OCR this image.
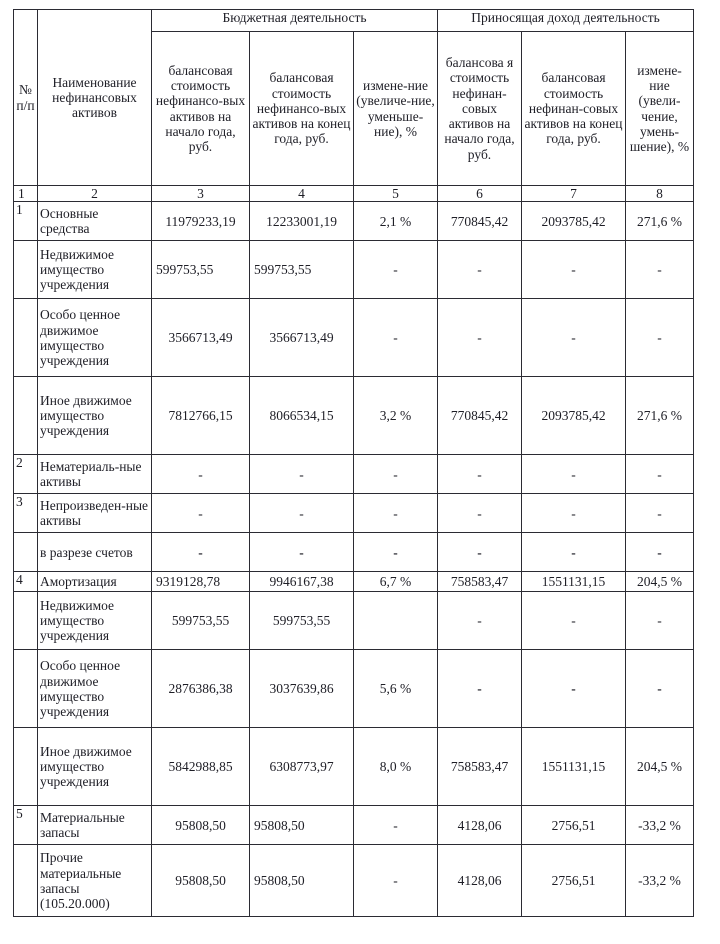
№ п/п	Наименование нефинансовых активов	Бюджетная деятельность			Приносящая доход деятельность		
		балансовая стоимость нефинансо-вых активов на начало года, руб.	балансовая стоимость нефинансо-вых активов на конец года, руб.	измене-ние (увеличе-ние, уменьше-ние), %	балансова я стоимость нефинан-совых активов на начало года, руб.	балансовая стоимость нефинан-совых активов на конец года, руб.	измене-ние (увели-чение, умень-шение), %
1	2	3	4	5	6	7	8
1	Основные средства	11979233,19	12233001,19	2,1 %	770845,42	2093785,42	271,6 %
	Недвижимое имущество учреждения	599753,55	599753,55	-	-	-	-
	Особо ценное движимое имущество учреждения	3566713,49	3566713,49	-	-	-	-
	Иное движимое имущество учреждения	7812766,15	8066534,15	3,2 %	770845,42	2093785,42	271,6 %
2	Нематериаль-ные активы	-	-	-	-	-	-
3	Непроизведен-ные активы	-	-	-	-	-	-
	в разрезе счетов	-	-	-	-	-	-
4	Амортизация	9319128,78	9946167,38	6,7 %	758583,47	1551131,15	204,5 %
	Недвижимое имущество учреждения	599753,55	599753,55		-	-	-
	Особо ценное движимое имущество учреждения	2876386,38	3037639,86	5,6 %	-	-	-
	Иное движимое имущество учреждения	5842988,85	6308773,97	8,0 %	758583,47	1551131,15	204,5 %
5	Материальные запасы	95808,50	95808,50	-	4128,06	2756,51	-33,2 %
	Прочие материальные запасы (105.20.000)	95808,50	95808,50	-	4128,06	2756,51	-33,2 %
